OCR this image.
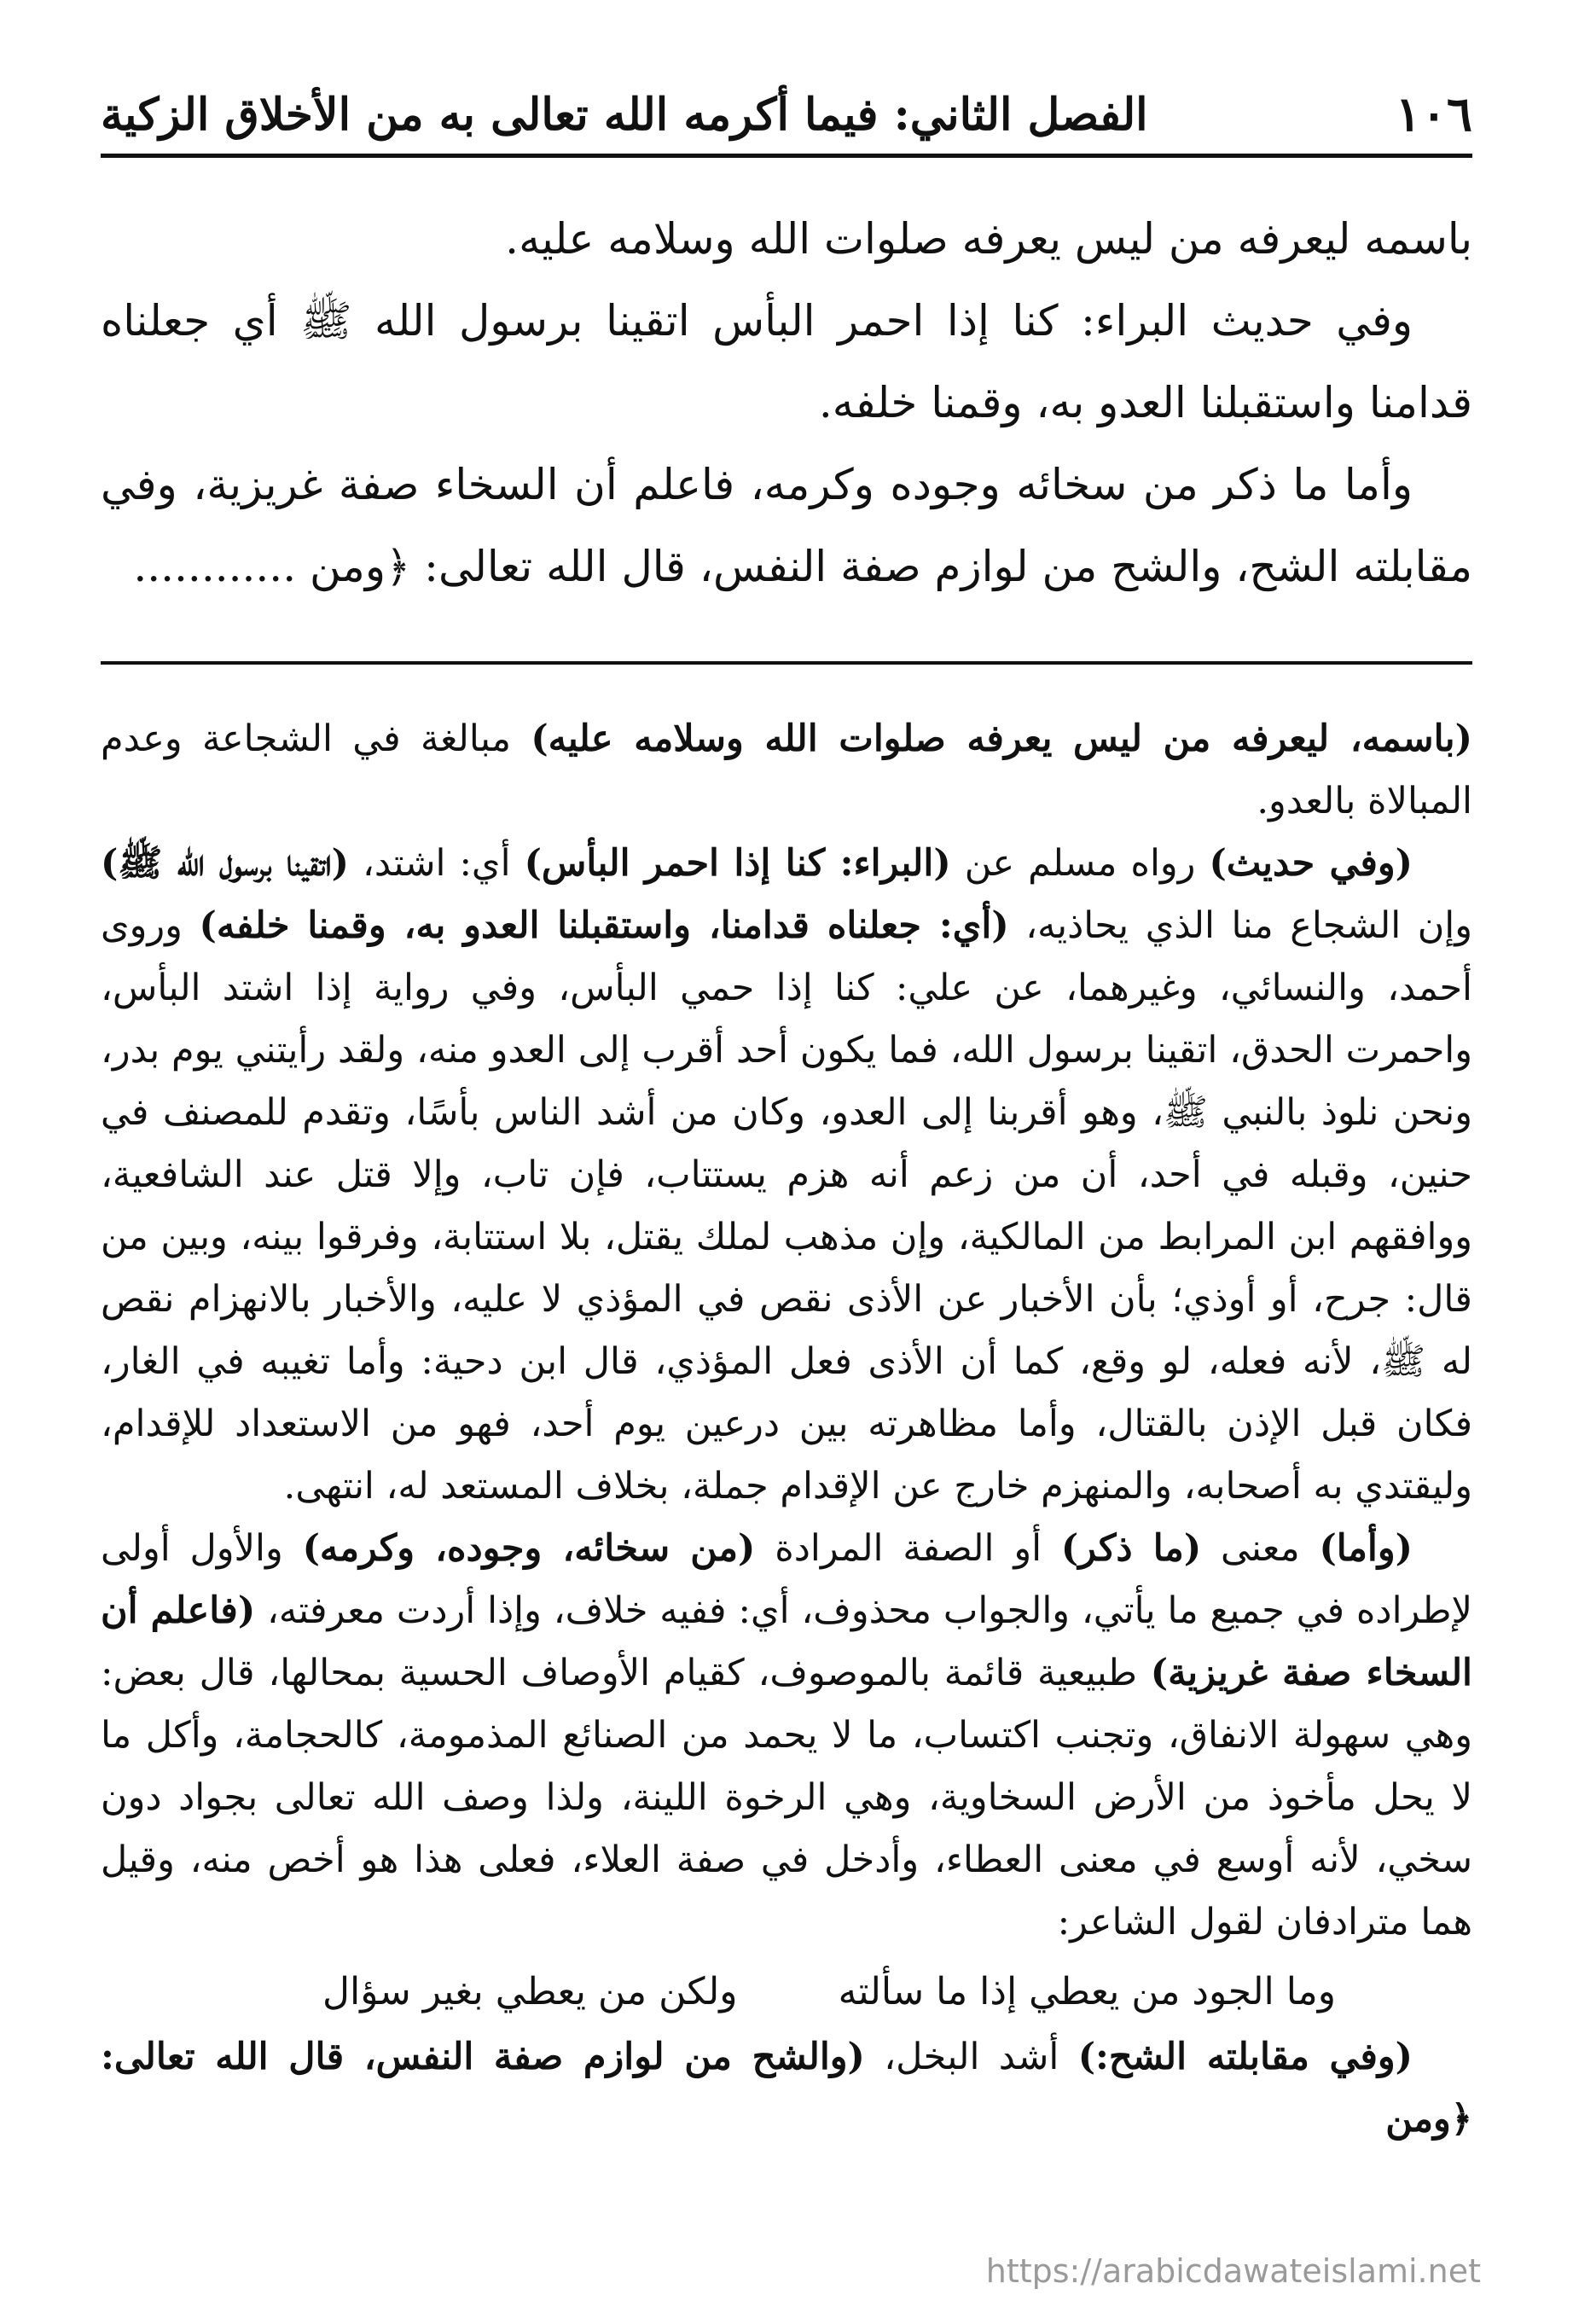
١٠٦
الفصل الثاني: فيما أكرمه الله تعالى به من الأخلاق الزكية

باسمه ليعرفه من ليس يعرفه صلوات الله وسلامه عليه.

وفي حديث البراء: كنا إذا احمر البأس اتقينا برسول الله ﷺ أي جعلناه قدامنا واستقبلنا العدو به، وقمنا خلفه.

وأما ما ذكر من سخائه وجوده وكرمه، فاعلم أن السخاء صفة غريزية، وفي مقابلته الشح، والشح من لوازم صفة النفس، قال الله تعالى: ﴿ومن ............

(باسمه، ليعرفه من ليس يعرفه صلوات الله وسلامه عليه) مبالغة في الشجاعة وعدم المبالاة بالعدو.

(وفي حديث) رواه مسلم عن (البراء: كنا إذا احمر البأس) أي: اشتد، (اتقينا برسول الله ﷺ) وإن الشجاع منا الذي يحاذيه، (أي: جعلناه قدامنا، واستقبلنا العدو به، وقمنا خلفه) وروى أحمد، والنسائي، وغيرهما، عن علي: كنا إذا حمي البأس، وفي رواية إذا اشتد البأس، واحمرت الحدق، اتقينا برسول الله، فما يكون أحد أقرب إلى العدو منه، ولقد رأيتني يوم بدر، ونحن نلوذ بالنبي ﷺ، وهو أقربنا إلى العدو، وكان من أشد الناس بأسًا، وتقدم للمصنف في حنين، وقبله في أحد، أن من زعم أنه هزم يستتاب، فإن تاب، وإلا قتل عند الشافعية، ووافقهم ابن المرابط من المالكية، وإن مذهب لملك يقتل، بلا استتابة، وفرقوا بينه، وبين من قال: جرح، أو أوذي؛ بأن الأخبار عن الأذى نقص في المؤذي لا عليه، والأخبار بالانهزام نقص له ﷺ، لأنه فعله، لو وقع، كما أن الأذى فعل المؤذي، قال ابن دحية: وأما تغيبه في الغار، فكان قبل الإذن بالقتال، وأما مظاهرته بين درعين يوم أحد، فهو من الاستعداد للإقدام، وليقتدي به أصحابه، والمنهزم خارج عن الإقدام جملة، بخلاف المستعد له، انتهى.

(وأما) معنى (ما ذكر) أو الصفة المرادة (من سخائه، وجوده، وكرمه) والأول أولى لإطراده في جميع ما يأتي، والجواب محذوف، أي: ففيه خلاف، وإذا أردت معرفته، (فاعلم أن السخاء صفة غريزية) طبيعية قائمة بالموصوف، كقيام الأوصاف الحسية بمحالها، قال بعض: وهي سهولة الانفاق، وتجنب اكتساب، ما لا يحمد من الصنائع المذمومة، كالحجامة، وأكل ما لا يحل مأخوذ من الأرض السخاوية، وهي الرخوة اللينة، ولذا وصف الله تعالى بجواد دون سخي، لأنه أوسع في معنى العطاء، وأدخل في صفة العلاء، فعلى هذا هو أخص منه، وقيل هما مترادفان لقول الشاعر:

وما الجود من يعطي إذا ما سألته
ولكن من يعطي بغير سؤال

(وفي مقابلته الشح:) أشد البخل، (والشح من لوازم صفة النفس، قال الله تعالى: ﴿ومن

https://arabicdawateislami.net
